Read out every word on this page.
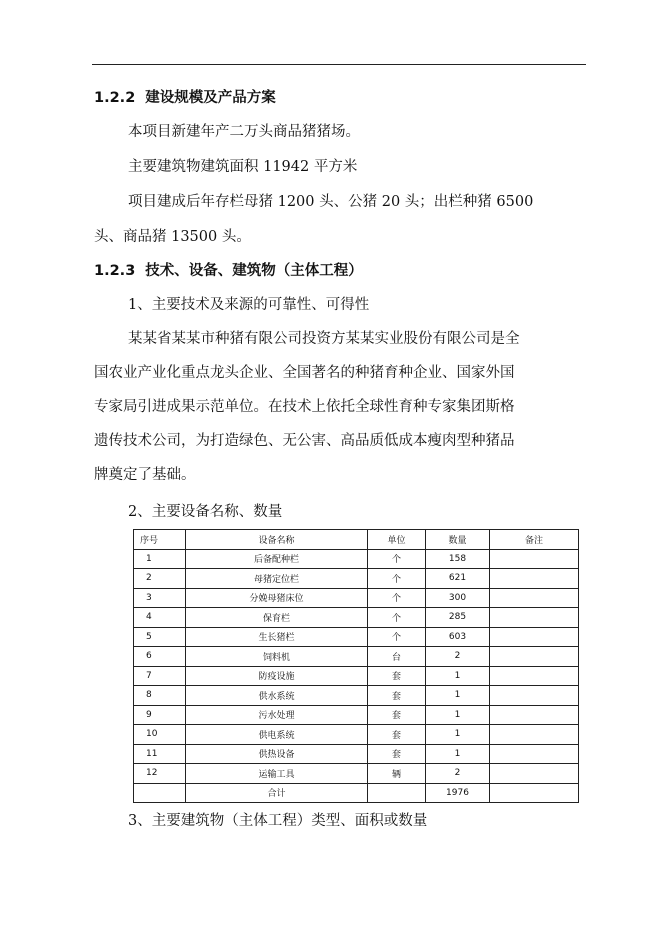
1.2.2 建设规模及产品方案
本项目新建年产二万头商品猪猪场。
主要建筑物建筑面积 11942 平方米
项目建成后年存栏母猪 1200 头、公猪 20 头；出栏种猪 6500
头、商品猪 13500 头。
1.2.3 技术、设备、建筑物（主体工程）
1、主要技术及来源的可靠性、可得性
某某省某某市种猪有限公司投资方某某实业股份有限公司是全
国农业产业化重点龙头企业、全国著名的种猪育种企业、国家外国
专家局引进成果示范单位。在技术上依托全球性育种专家集团斯格
遗传技术公司，为打造绿色、无公害、高品质低成本瘦肉型种猪品
牌奠定了基础。
2、主要设备名称、数量
序号	设备名称	单位	数量	备注
1	后备配种栏	个	158	
2	母猪定位栏	个	621	
3	分娩母猪床位	个	300	
4	保育栏	个	285	
5	生长猪栏	个	603	
6	饲料机	台	2	
7	防疫设施	套	1	
8	供水系统	套	1	
9	污水处理	套	1	
10	供电系统	套	1	
11	供热设备	套	1	
12	运输工具	辆	2	
	合计		1976	
3、主要建筑物（主体工程）类型、面积或数量
